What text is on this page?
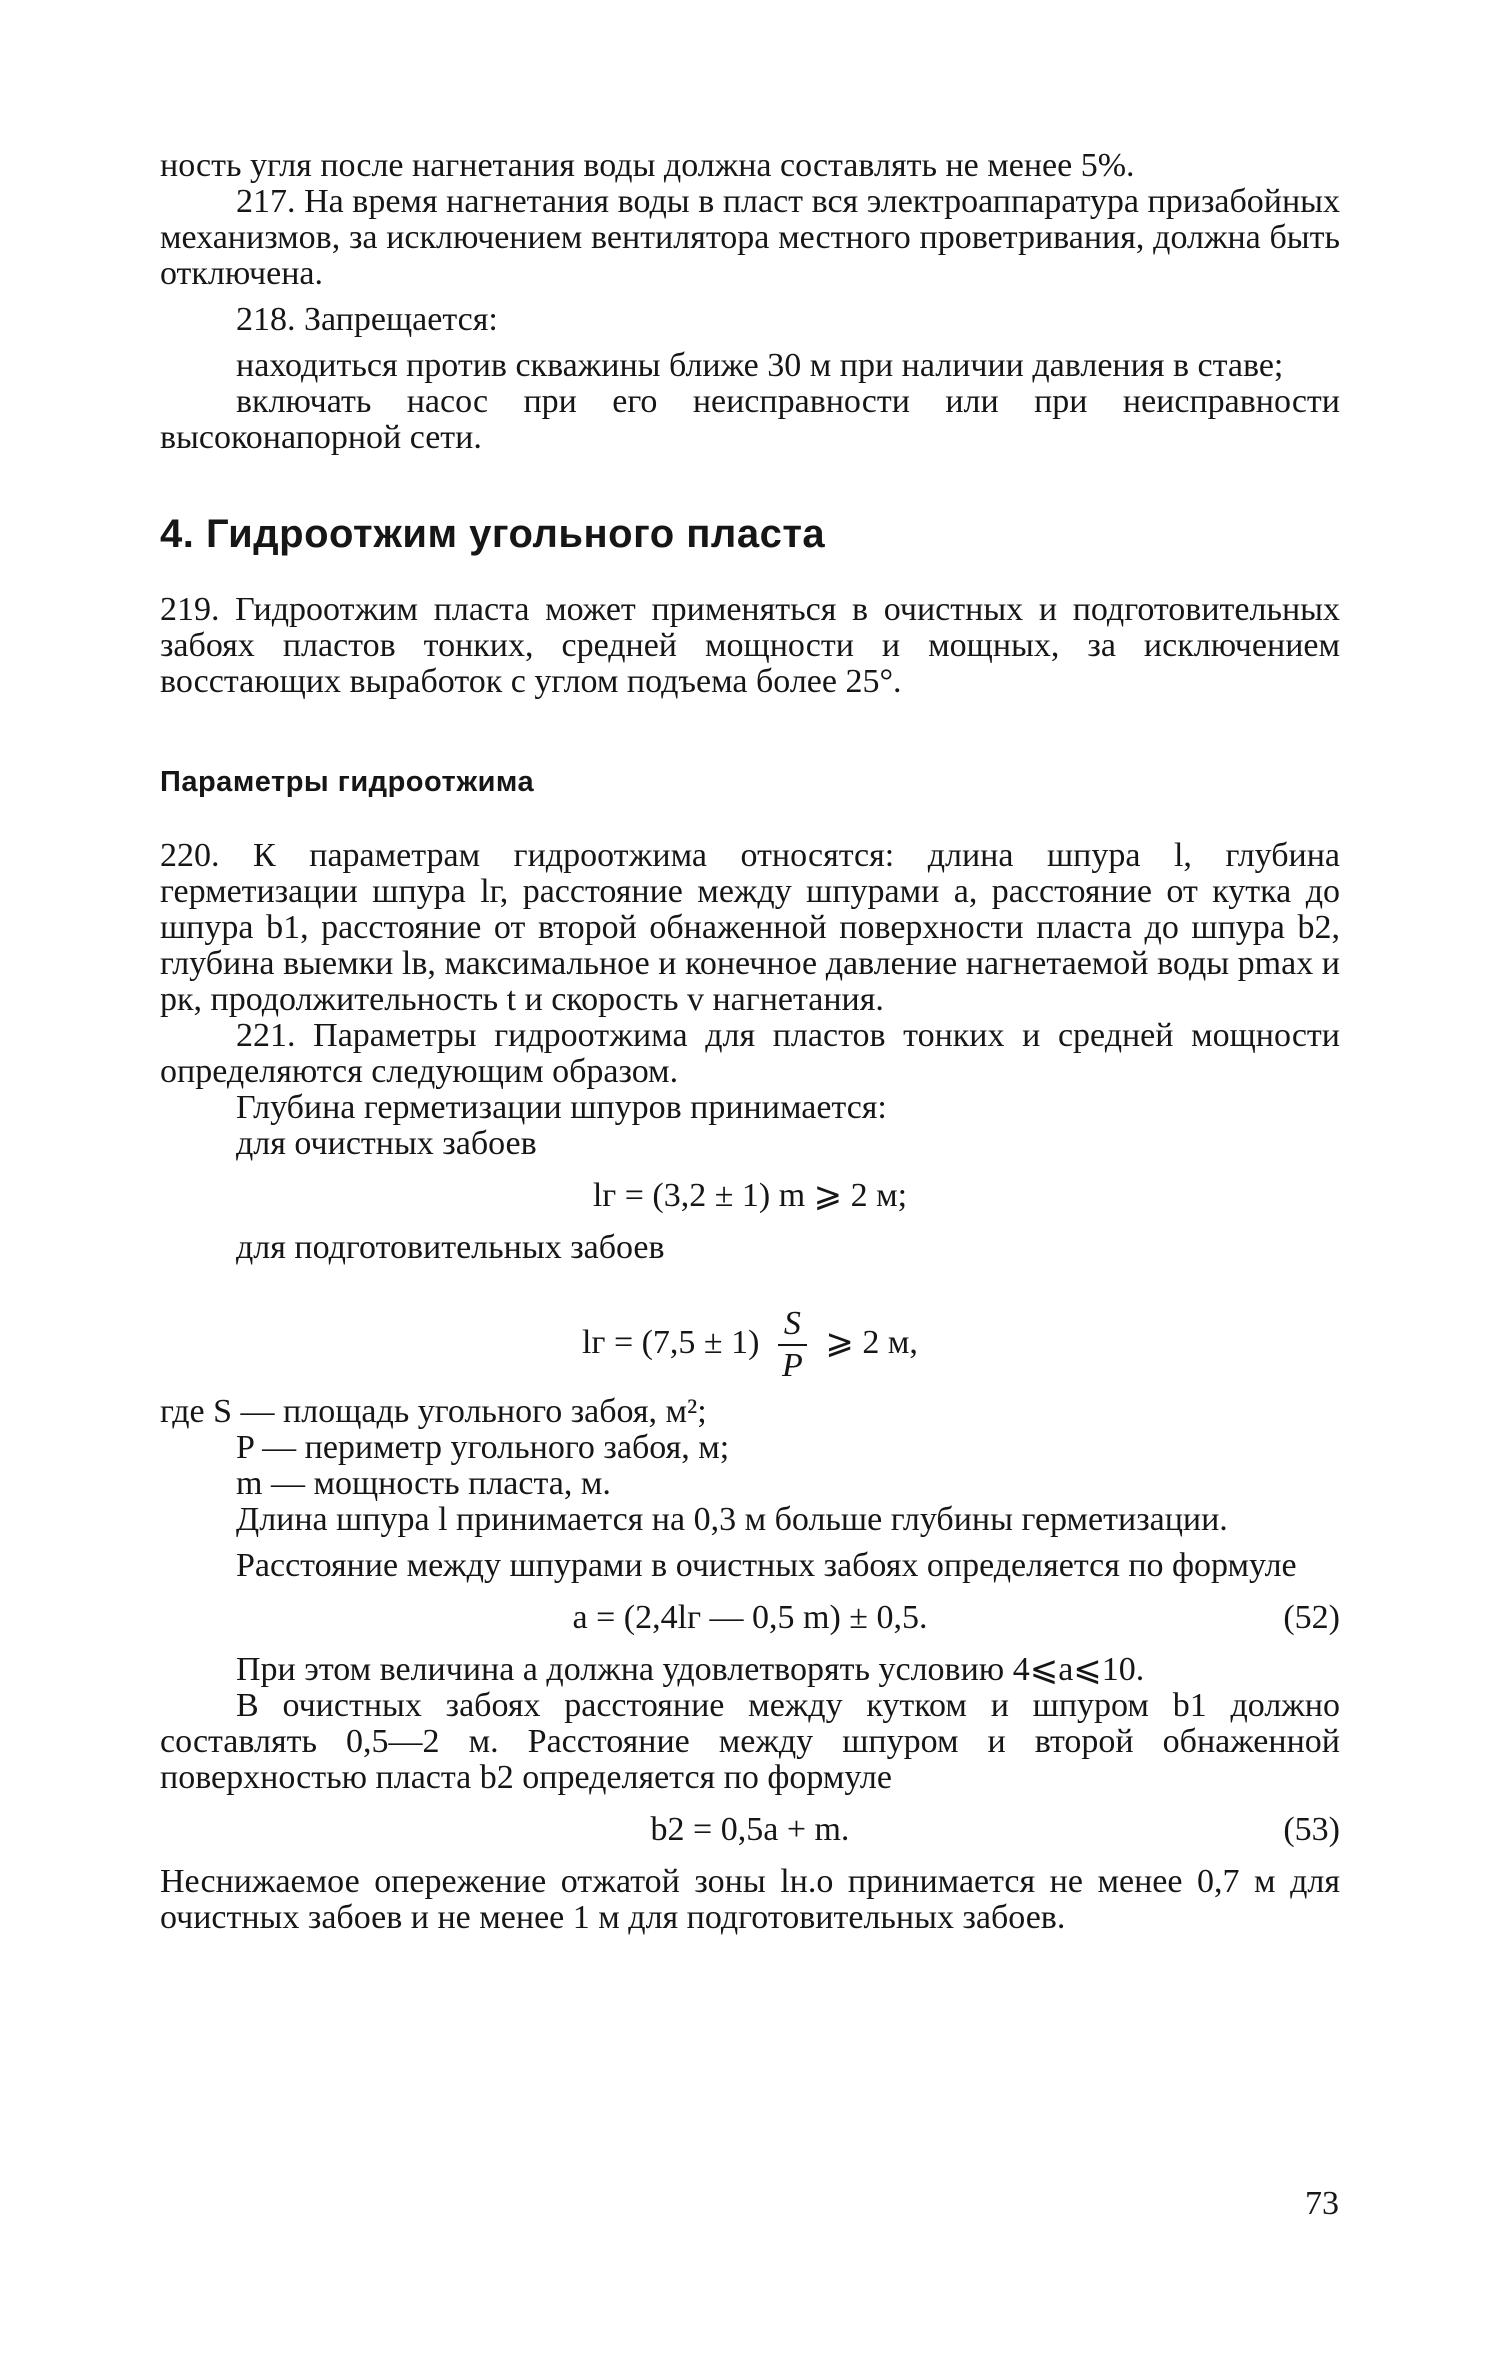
ность угля после нагнетания воды должна составлять не менее 5%.

217. На время нагнетания воды в пласт вся электроаппаратура призабойных механизмов, за исключением вентилятора местного проветривания, должна быть отключена.

218. Запрещается:

находиться против скважины ближе 30 м при наличии давления в ставе;

включать насос при его неисправности или при неисправности высоконапорной сети.

4. Гидроотжим угольного пласта

219. Гидроотжим пласта может применяться в очистных и подготовительных забоях пластов тонких, средней мощности и мощных, за исключением восстающих выработок с углом подъема более 25°.

Параметры гидроотжима

220. К параметрам гидроотжима относятся: длина шпура l, глубина герметизации шпура lг, расстояние между шпурами a, расстояние от кутка до шпура b1, расстояние от второй обнаженной поверхности пласта до шпура b2, глубина выемки lв, максимальное и конечное давление нагнетаемой воды pmax и pк, продолжительность t и скорость v нагнетания.

221. Параметры гидроотжима для пластов тонких и средней мощности определяются следующим образом.

Глубина герметизации шпуров принимается:

для очистных забоев

lг = (3,2 ± 1) m ⩾ 2 м;

для подготовительных забоев

lг = $(7,5 \pm 1) \frac{S}{P}$ ⩾ 2 м,

где S — площадь угольного забоя, м²;

P — периметр угольного забоя, м;

m — мощность пласта, м.

Длина шпура l принимается на 0,3 м больше глубины герметизации.

Расстояние между шпурами в очистных забоях определяется по формуле

a = (2,4lг — 0,5 m) ± 0,5.	(52)

При этом величина a должна удовлетворять условию 4⩽a⩽10.

В очистных забоях расстояние между кутком и шпуром b1 должно составлять 0,5—2 м. Расстояние между шпуром и второй обнаженной поверхностью пласта b2 определяется по формуле

b2 = 0,5a + m.	(53)

Неснижаемое опережение отжатой зоны lн.о принимается не менее 0,7 м для очистных забоев и не менее 1 м для подготовительных забоев.

73
